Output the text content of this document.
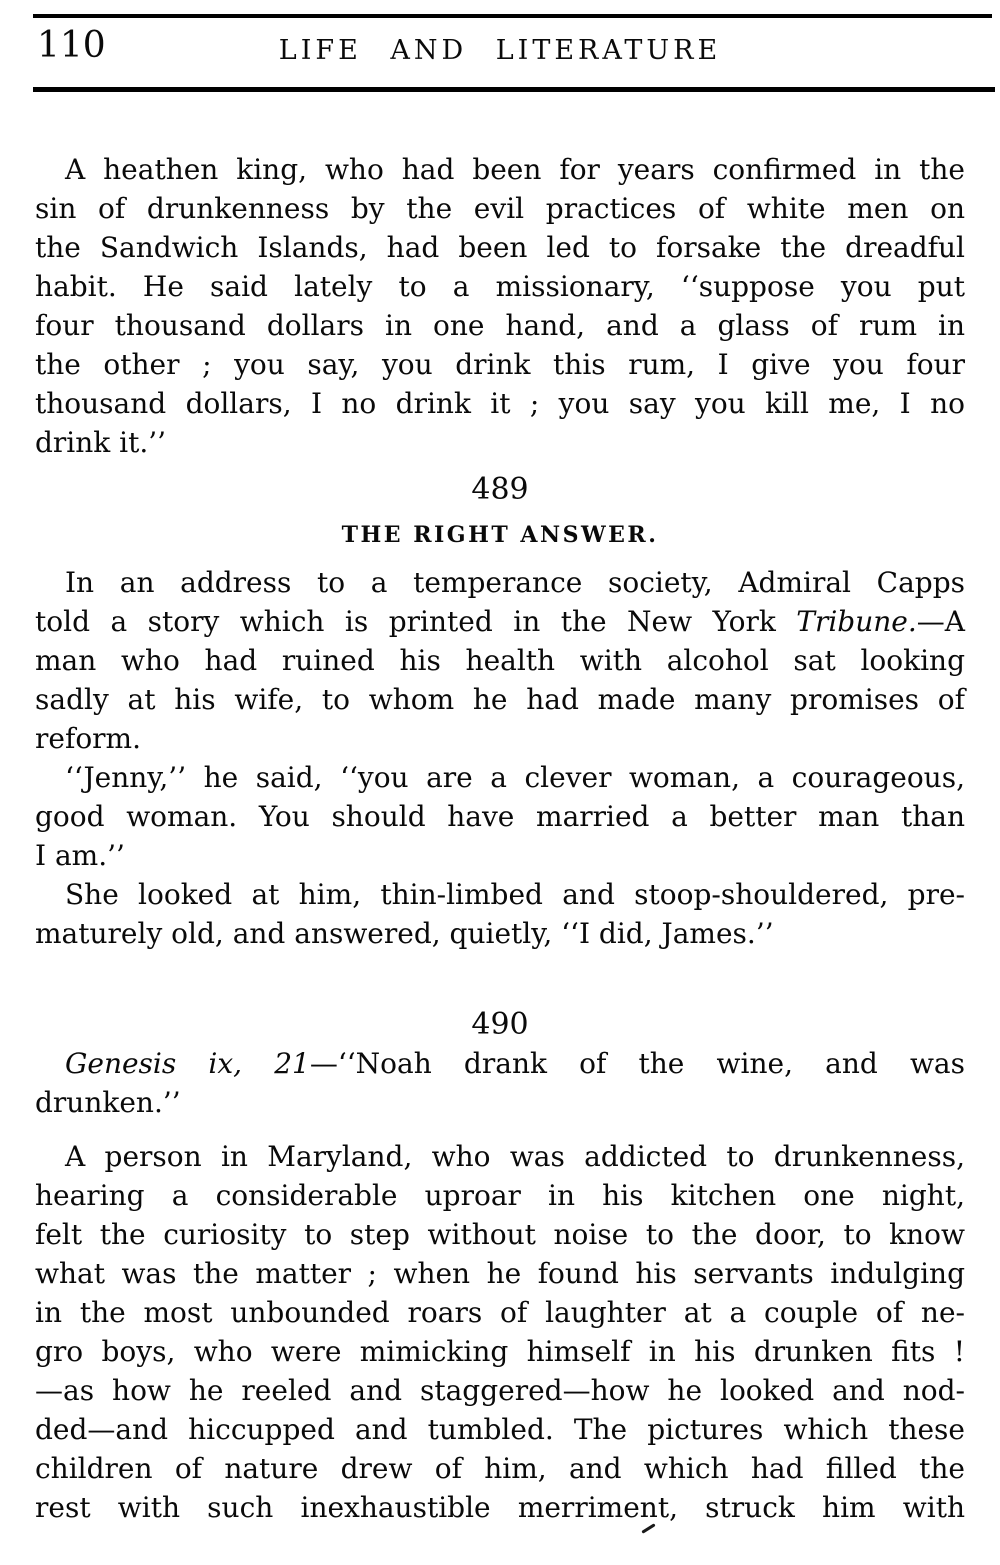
110	LIFE AND LITERATURE
A heathen king, who had been for years confirmed in the
sin of drunkenness by the evil practices of white men on
the Sandwich Islands, had been led to forsake the dreadful
habit. He said lately to a missionary, ‘‘suppose you put
four thousand dollars in one hand, and a glass of rum in
the other ; you say, you drink this rum, I give you four
thousand dollars, I no drink it ; you say you kill me, I no
drink it.’’
489
THE RIGHT ANSWER.
In an address to a temperance society, Admiral Capps
told a story which is printed in the New York Tribune.—A
man who had ruined his health with alcohol sat looking
sadly at his wife, to whom he had made many promises of
reform.
‘‘Jenny,’’ he said, ‘‘you are a clever woman, a courageous,
good woman. You should have married a better man than
I am.’’
She looked at him, thin-limbed and stoop-shouldered, pre-
maturely old, and answered, quietly, ‘‘I did, James.’’
490
Genesis ix, 21—‘‘Noah drank of the wine, and was
drunken.’’
A person in Maryland, who was addicted to drunkenness,
hearing a considerable uproar in his kitchen one night,
felt the curiosity to step without noise to the door, to know
what was the matter ; when he found his servants indulging
in the most unbounded roars of laughter at a couple of ne-
gro boys, who were mimicking himself in his drunken fits !
—as how he reeled and staggered—how he looked and nod-
ded—and hiccupped and tumbled. The pictures which these
children of nature drew of him, and which had filled the
rest with such inexhaustible merriment, struck him with
